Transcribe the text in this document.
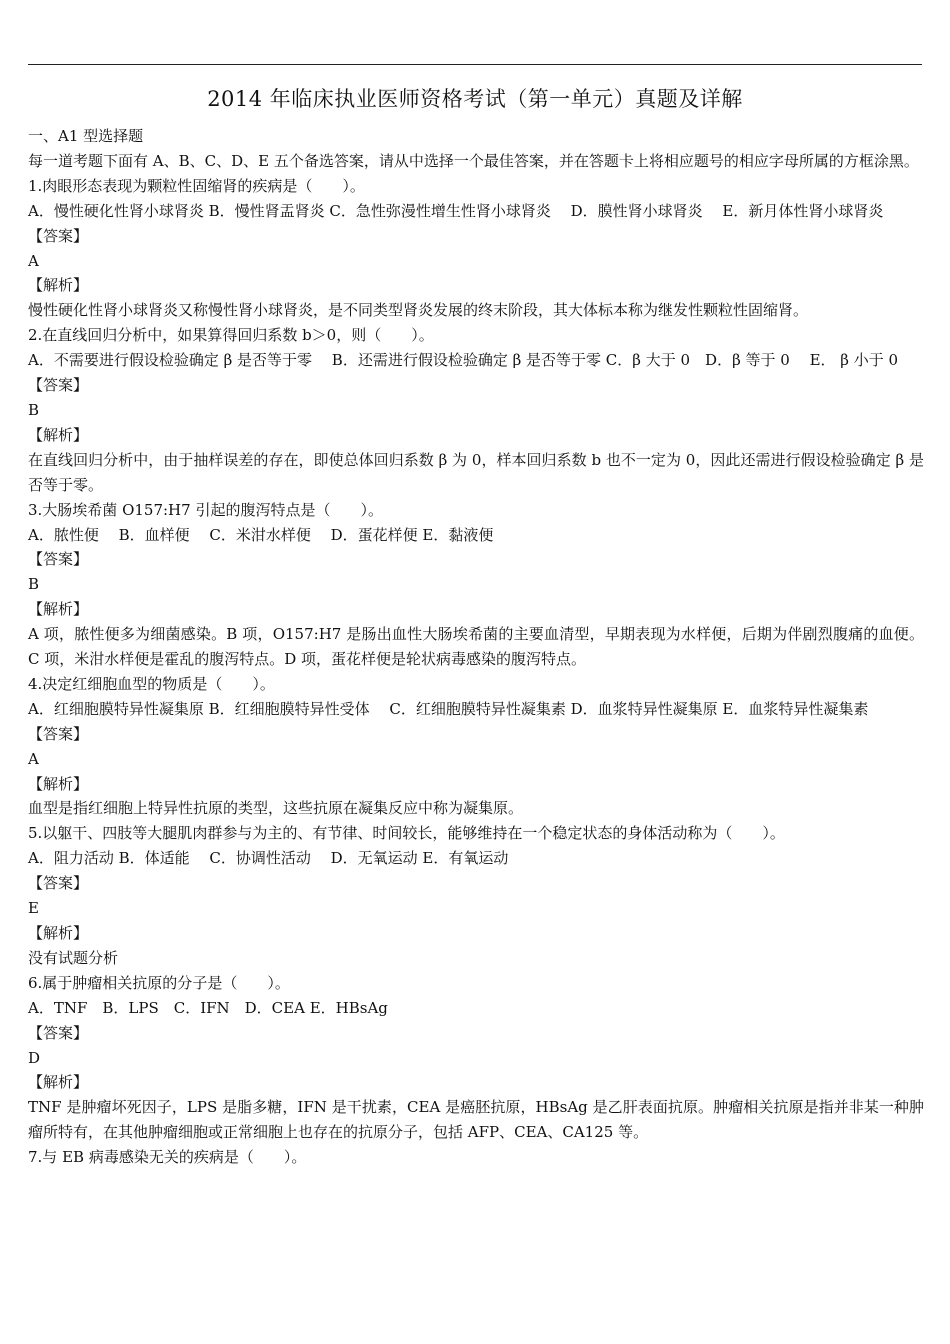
2014 年临床执业医师资格考试（第一单元）真题及详解

一、A1 型选择题

每一道考题下面有 A、B、C、D、E 五个备选答案，请从中选择一个最佳答案，并在答题卡上将相应题号的相应字母所属的方框涂黑。

1.肉眼形态表现为颗粒性固缩肾的疾病是（　　）。

A．慢性硬化性肾小球肾炎 B．慢性肾盂肾炎 C．急性弥漫性增生性肾小球肾炎　 D．膜性肾小球肾炎　 E．新月体性肾小球肾炎

【答案】

A

【解析】

慢性硬化性肾小球肾炎又称慢性肾小球肾炎，是不同类型肾炎发展的终末阶段，其大体标本称为继发性颗粒性固缩肾。

2.在直线回归分析中，如果算得回归系数 b＞0，则（　　）。

A．不需要进行假设检验确定 β 是否等于零　 B．还需进行假设检验确定 β 是否等于零 C．β 大于 0　D．β 等于 0　 E． β 小于 0

【答案】

B

【解析】

在直线回归分析中，由于抽样误差的存在，即使总体回归系数 β 为 0，样本回归系数 b 也不一定为 0，因此还需进行假设检验确定 β 是否等于零。

3.大肠埃希菌 O157:H7 引起的腹泻特点是（　　）。

A．脓性便　 B．血样便　 C．米泔水样便　 D．蛋花样便 E．黏液便

【答案】

B

【解析】

A 项，脓性便多为细菌感染。B 项，O157:H7 是肠出血性大肠埃希菌的主要血清型，早期表现为水样便，后期为伴剧烈腹痛的血便。C 项，米泔水样便是霍乱的腹泻特点。D 项，蛋花样便是轮状病毒感染的腹泻特点。

4.决定红细胞血型的物质是（　　）。

A．红细胞膜特异性凝集原 B．红细胞膜特异性受体　 C．红细胞膜特异性凝集素 D．血浆特异性凝集原 E．血浆特异性凝集素

【答案】

A

【解析】

血型是指红细胞上特异性抗原的类型，这些抗原在凝集反应中称为凝集原。

5.以躯干、四肢等大腿肌肉群参与为主的、有节律、时间较长，能够维持在一个稳定状态的身体活动称为（　　）。

A．阻力活动 B．体适能　 C．协调性活动　 D．无氧运动 E．有氧运动

【答案】

E

【解析】

没有试题分析

6.属于肿瘤相关抗原的分子是（　　）。

A．TNF　B．LPS　C．IFN　D．CEA E．HBsAg

【答案】

D

【解析】

TNF 是肿瘤坏死因子，LPS 是脂多糖，IFN 是干扰素，CEA 是癌胚抗原，HBsAg 是乙肝表面抗原。肿瘤相关抗原是指并非某一种肿瘤所特有，在其他肿瘤细胞或正常细胞上也存在的抗原分子，包括 AFP、CEA、CA125 等。

7.与 EB 病毒感染无关的疾病是（　　）。
